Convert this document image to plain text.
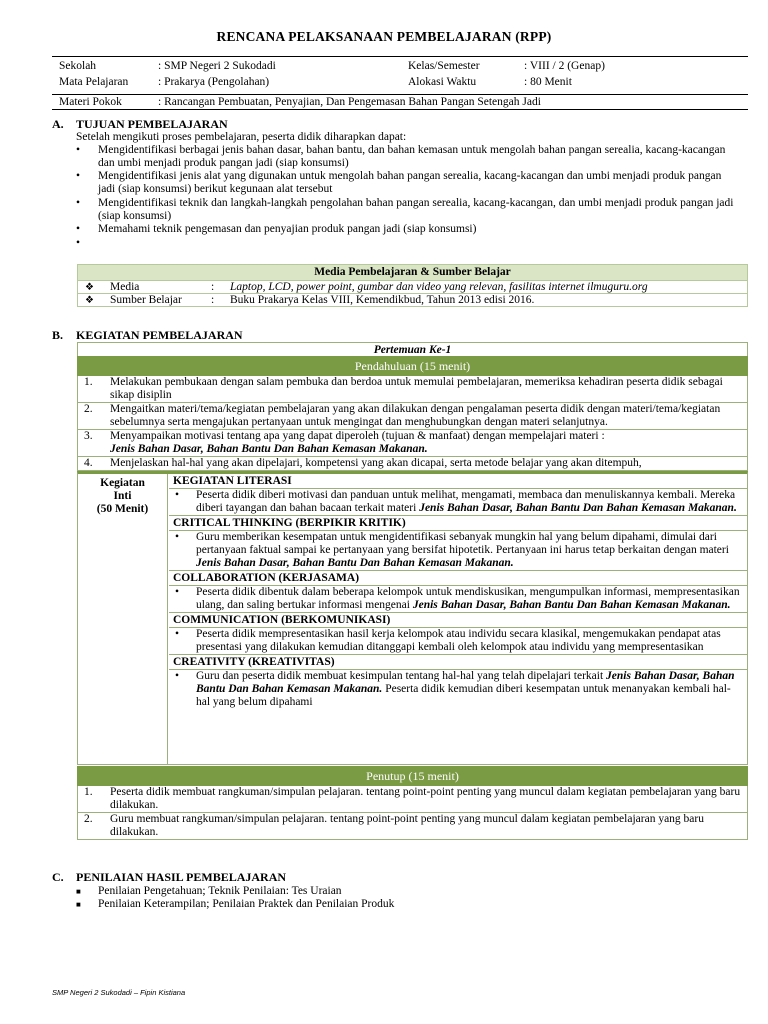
RENCANA PELAKSANAAN PEMBELAJARAN (RPP)
Sekolah	: SMP Negeri 2 Sukodadi	Kelas/Semester	: VIII / 2 (Genap)
Mata Pelajaran	: Prakarya (Pengolahan)	Alokasi Waktu	: 80 Menit
Materi Pokok	: Rancangan Pembuatan, Penyajian, Dan Pengemasan Bahan Pangan Setengah Jadi
A. TUJUAN PEMBELAJARAN
Setelah mengikuti proses pembelajaran, peserta didik diharapkan dapat:
• Mengidentifikasi berbagai jenis bahan dasar, bahan bantu, dan bahan kemasan untuk mengolah bahan pangan serealia, kacang-kacangan dan umbi menjadi produk pangan jadi (siap konsumsi)
• Mengidentifikasi jenis alat yang digunakan untuk mengolah bahan pangan serealia, kacang-kacangan dan umbi menjadi produk pangan jadi (siap konsumsi) berikut kegunaan alat tersebut
• Mengidentifikasi teknik dan langkah-langkah pengolahan bahan pangan serealia, kacang-kacangan, dan umbi menjadi produk pangan jadi (siap konsumsi)
• Memahami teknik pengemasan dan penyajian produk pangan jadi (siap konsumsi)
•
Media Pembelajaran & Sumber Belajar
❖ Media	: Laptop, LCD, power point, gumbar dan video yang relevan, fasilitas internet ilmuguru.org
❖ Sumber Belajar	: Buku Prakarya Kelas VIII, Kemendikbud, Tahun 2013 edisi 2016.
B. KEGIATAN PEMBELAJARAN
Pertemuan Ke-1
Pendahuluan (15 menit)
1. Melakukan pembukaan dengan salam pembuka dan berdoa untuk memulai pembelajaran, memeriksa kehadiran peserta didik sebagai sikap disiplin
2. Mengaitkan materi/tema/kegiatan pembelajaran yang akan dilakukan dengan pengalaman peserta didik dengan materi/tema/kegiatan sebelumnya serta mengajukan pertanyaan untuk mengingat dan menghubungkan dengan materi selanjutnya.
3. Menyampaikan motivasi tentang apa yang dapat diperoleh (tujuan & manfaat) dengan mempelajari materi :
Jenis Bahan Dasar, Bahan Bantu Dan Bahan Kemasan Makanan.
4. Menjelaskan hal-hal yang akan dipelajari, kompetensi yang akan dicapai, serta metode belajar yang akan ditempuh,
Kegiatan
Inti
(50 Menit)
KEGIATAN LITERASI
• Peserta didik diberi motivasi dan panduan untuk melihat, mengamati, membaca dan menuliskannya kembali. Mereka diberi tayangan dan bahan bacaan terkait materi Jenis Bahan Dasar, Bahan Bantu Dan Bahan Kemasan Makanan.
CRITICAL THINKING (BERPIKIR KRITIK)
• Guru memberikan kesempatan untuk mengidentifikasi sebanyak mungkin hal yang belum dipahami, dimulai dari pertanyaan faktual sampai ke pertanyaan yang bersifat hipotetik. Pertanyaan ini harus tetap berkaitan dengan materi Jenis Bahan Dasar, Bahan Bantu Dan Bahan Kemasan Makanan.
COLLABORATION (KERJASAMA)
• Peserta didik dibentuk dalam beberapa kelompok untuk mendiskusikan, mengumpulkan informasi, mempresentasikan ulang, dan saling bertukar informasi mengenai Jenis Bahan Dasar, Bahan Bantu Dan Bahan Kemasan Makanan.
COMMUNICATION (BERKOMUNIKASI)
• Peserta didik mempresentasikan hasil kerja kelompok atau individu secara klasikal, mengemukakan pendapat atas presentasi yang dilakukan kemudian ditanggapi kembali oleh kelompok atau individu yang mempresentasikan
CREATIVITY (KREATIVITAS)
• Guru dan peserta didik membuat kesimpulan tentang hal-hal yang telah dipelajari terkait Jenis Bahan Dasar, Bahan Bantu Dan Bahan Kemasan Makanan. Peserta didik kemudian diberi kesempatan untuk menanyakan kembali hal-hal yang belum dipahami
Penutup (15 menit)
1. Peserta didik membuat rangkuman/simpulan pelajaran. tentang point-point penting yang muncul dalam kegiatan pembelajaran yang baru dilakukan.
2. Guru membuat rangkuman/simpulan pelajaran. tentang point-point penting yang muncul dalam kegiatan pembelajaran yang baru dilakukan.
C. PENILAIAN HASIL PEMBELAJARAN
■ Penilaian Pengetahuan; Teknik Penilaian: Tes Uraian
■ Penilaian Keterampilan; Penilaian Praktek dan Penilaian Produk
SMP Negeri 2 Sukodadi – Fipin Kistiana
